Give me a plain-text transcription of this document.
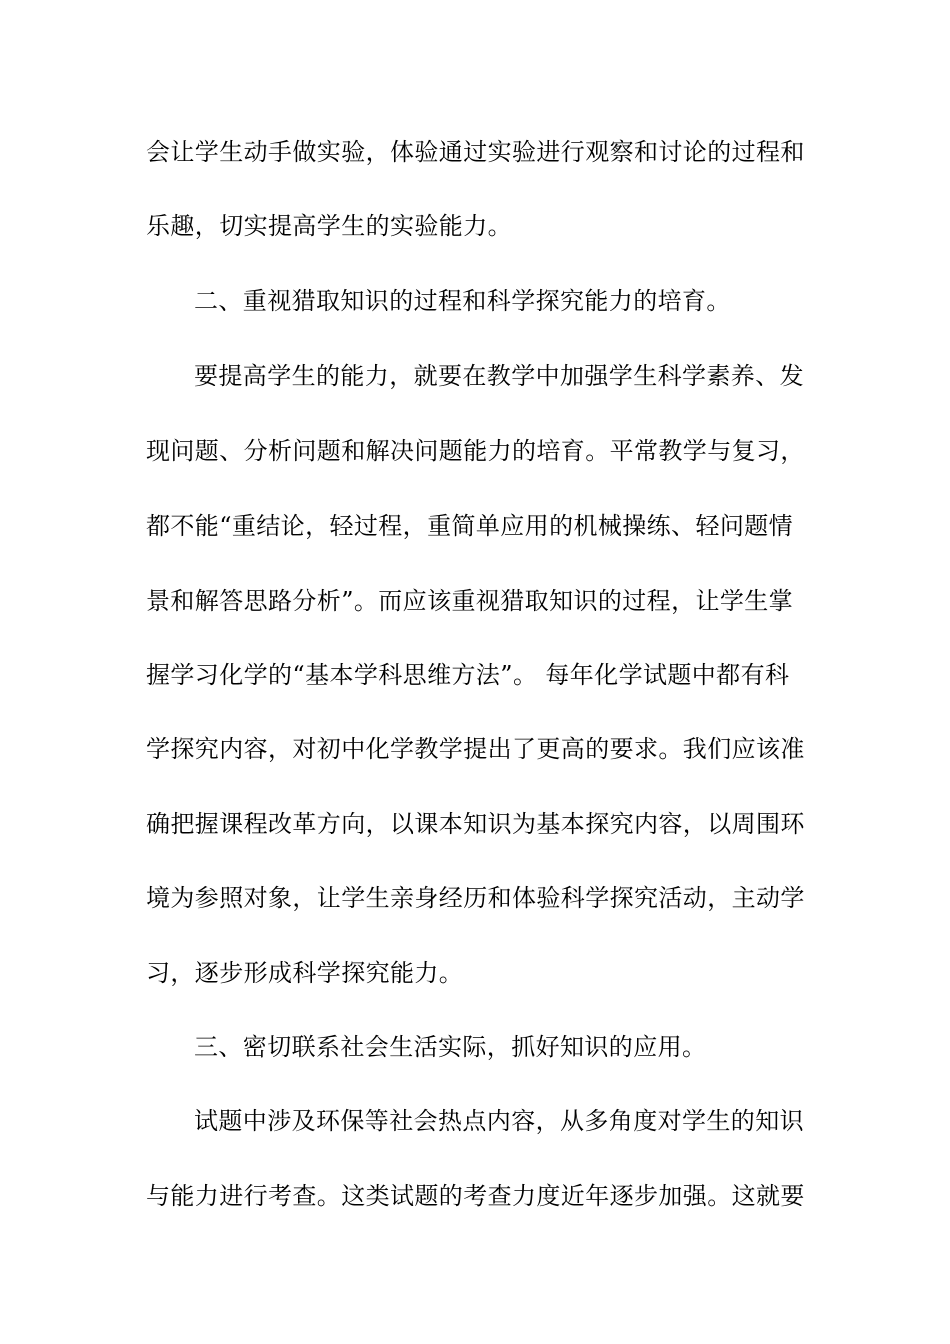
会让学生动手做实验，体验通过实验进行观察和讨论的过程和
乐趣，切实提高学生的实验能力。
二、重视猎取知识的过程和科学探究能力的培育。
要提高学生的能力，就要在教学中加强学生科学素养、发
现问题、分析问题和解决问题能力的培育。平常教学与复习，
都不能“重结论，轻过程，重简单应用的机械操练、轻问题情
景和解答思路分析”。而应该重视猎取知识的过程，让学生掌
握学习化学的“基本学科思维方法”。 每年化学试题中都有科
学探究内容，对初中化学教学提出了更高的要求。我们应该准
确把握课程改革方向，以课本知识为基本探究内容，以周围环
境为参照对象，让学生亲身经历和体验科学探究活动，主动学
习，逐步形成科学探究能力。
三、密切联系社会生活实际，抓好知识的应用。
试题中涉及环保等社会热点内容，从多角度对学生的知识
与能力进行考查。这类试题的考查力度近年逐步加强。这就要
